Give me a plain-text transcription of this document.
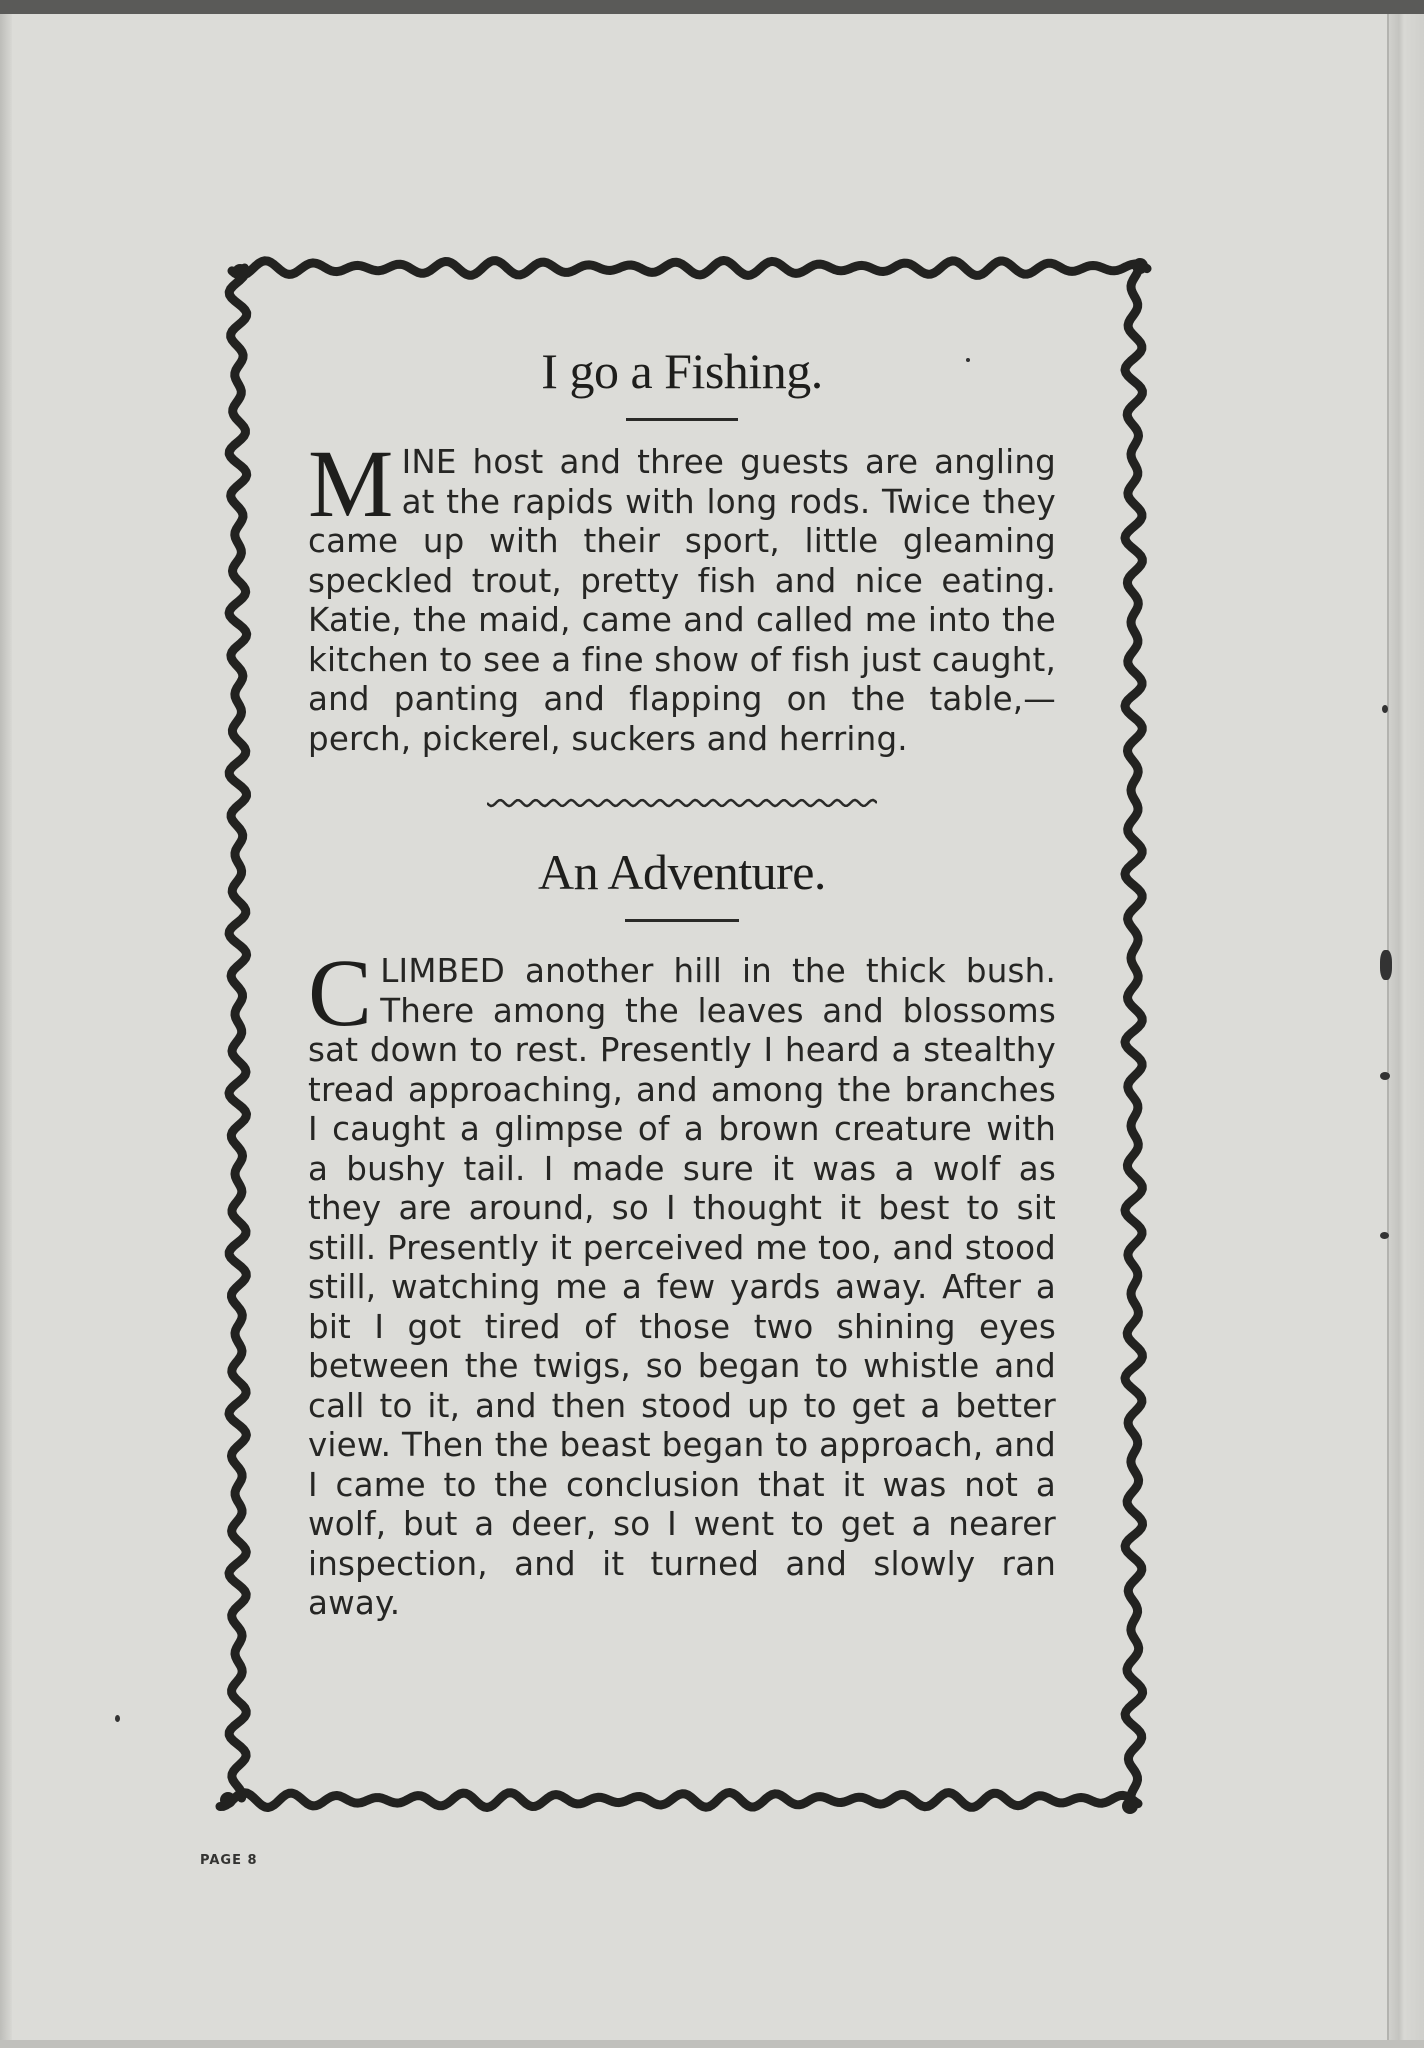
I go a Fishing.

MINE host and three guests are angling at the rapids with long rods. Twice they came up with their sport, little gleaming speckled trout, pretty fish and nice eating. Katie, the maid, came and called me into the kitchen to see a fine show of fish just caught, and panting and flapping on the table,—perch, pickerel, suckers and herring.

An Adventure.

CLIMBED another hill in the thick bush. There among the leaves and blossoms sat down to rest. Presently I heard a stealthy tread approaching, and among the branches I caught a glimpse of a brown creature with a bushy tail. I made sure it was a wolf as they are around, so I thought it best to sit still. Presently it perceived me too, and stood still, watching me a few yards away. After a bit I got tired of those two shining eyes between the twigs, so began to whistle and call to it, and then stood up to get a better view. Then the beast began to approach, and I came to the conclusion that it was not a wolf, but a deer, so I went to get a nearer inspection, and it turned and slowly ran away.

PAGE 8
